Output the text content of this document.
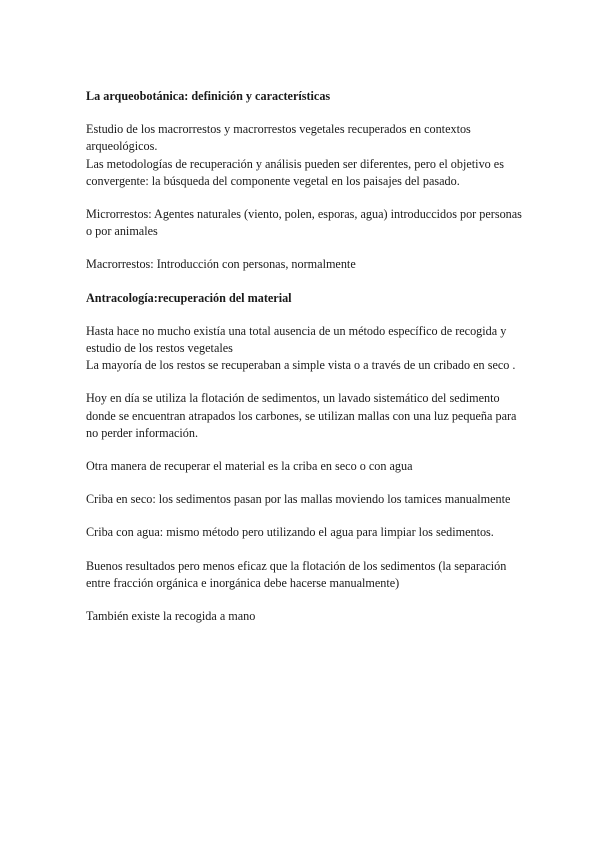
La arqueobotánica: definición y características
Estudio de los macrorrestos y macrorrestos vegetales recuperados en contextos arqueológicos.
Las metodologías de recuperación y análisis pueden ser diferentes, pero el objetivo es convergente: la búsqueda del componente vegetal en los paisajes del pasado.
Microrrestos: Agentes naturales (viento, polen, esporas, agua) introduccidos por personas o por animales
Macrorrestos: Introducción con personas, normalmente
Antracología:recuperación del material
Hasta hace no mucho existía una total ausencia de un método específico de recogida y estudio de los restos vegetales
La mayoría de los restos se recuperaban a simple vista o a través de un cribado en seco .
Hoy en día se utiliza la flotación de sedimentos, un lavado sistemático del sedimento donde se encuentran atrapados los carbones, se utilizan mallas con una luz pequeña para no perder información.
Otra manera de recuperar el material es la criba en seco o con agua
Criba en seco: los sedimentos pasan por las mallas moviendo los tamices manualmente
Criba con agua: mismo método pero utilizando el agua para limpiar los sedimentos.
Buenos resultados pero menos eficaz que la flotación de los sedimentos (la separación entre fracción orgánica e inorgánica debe hacerse manualmente)
También existe la recogida a mano
